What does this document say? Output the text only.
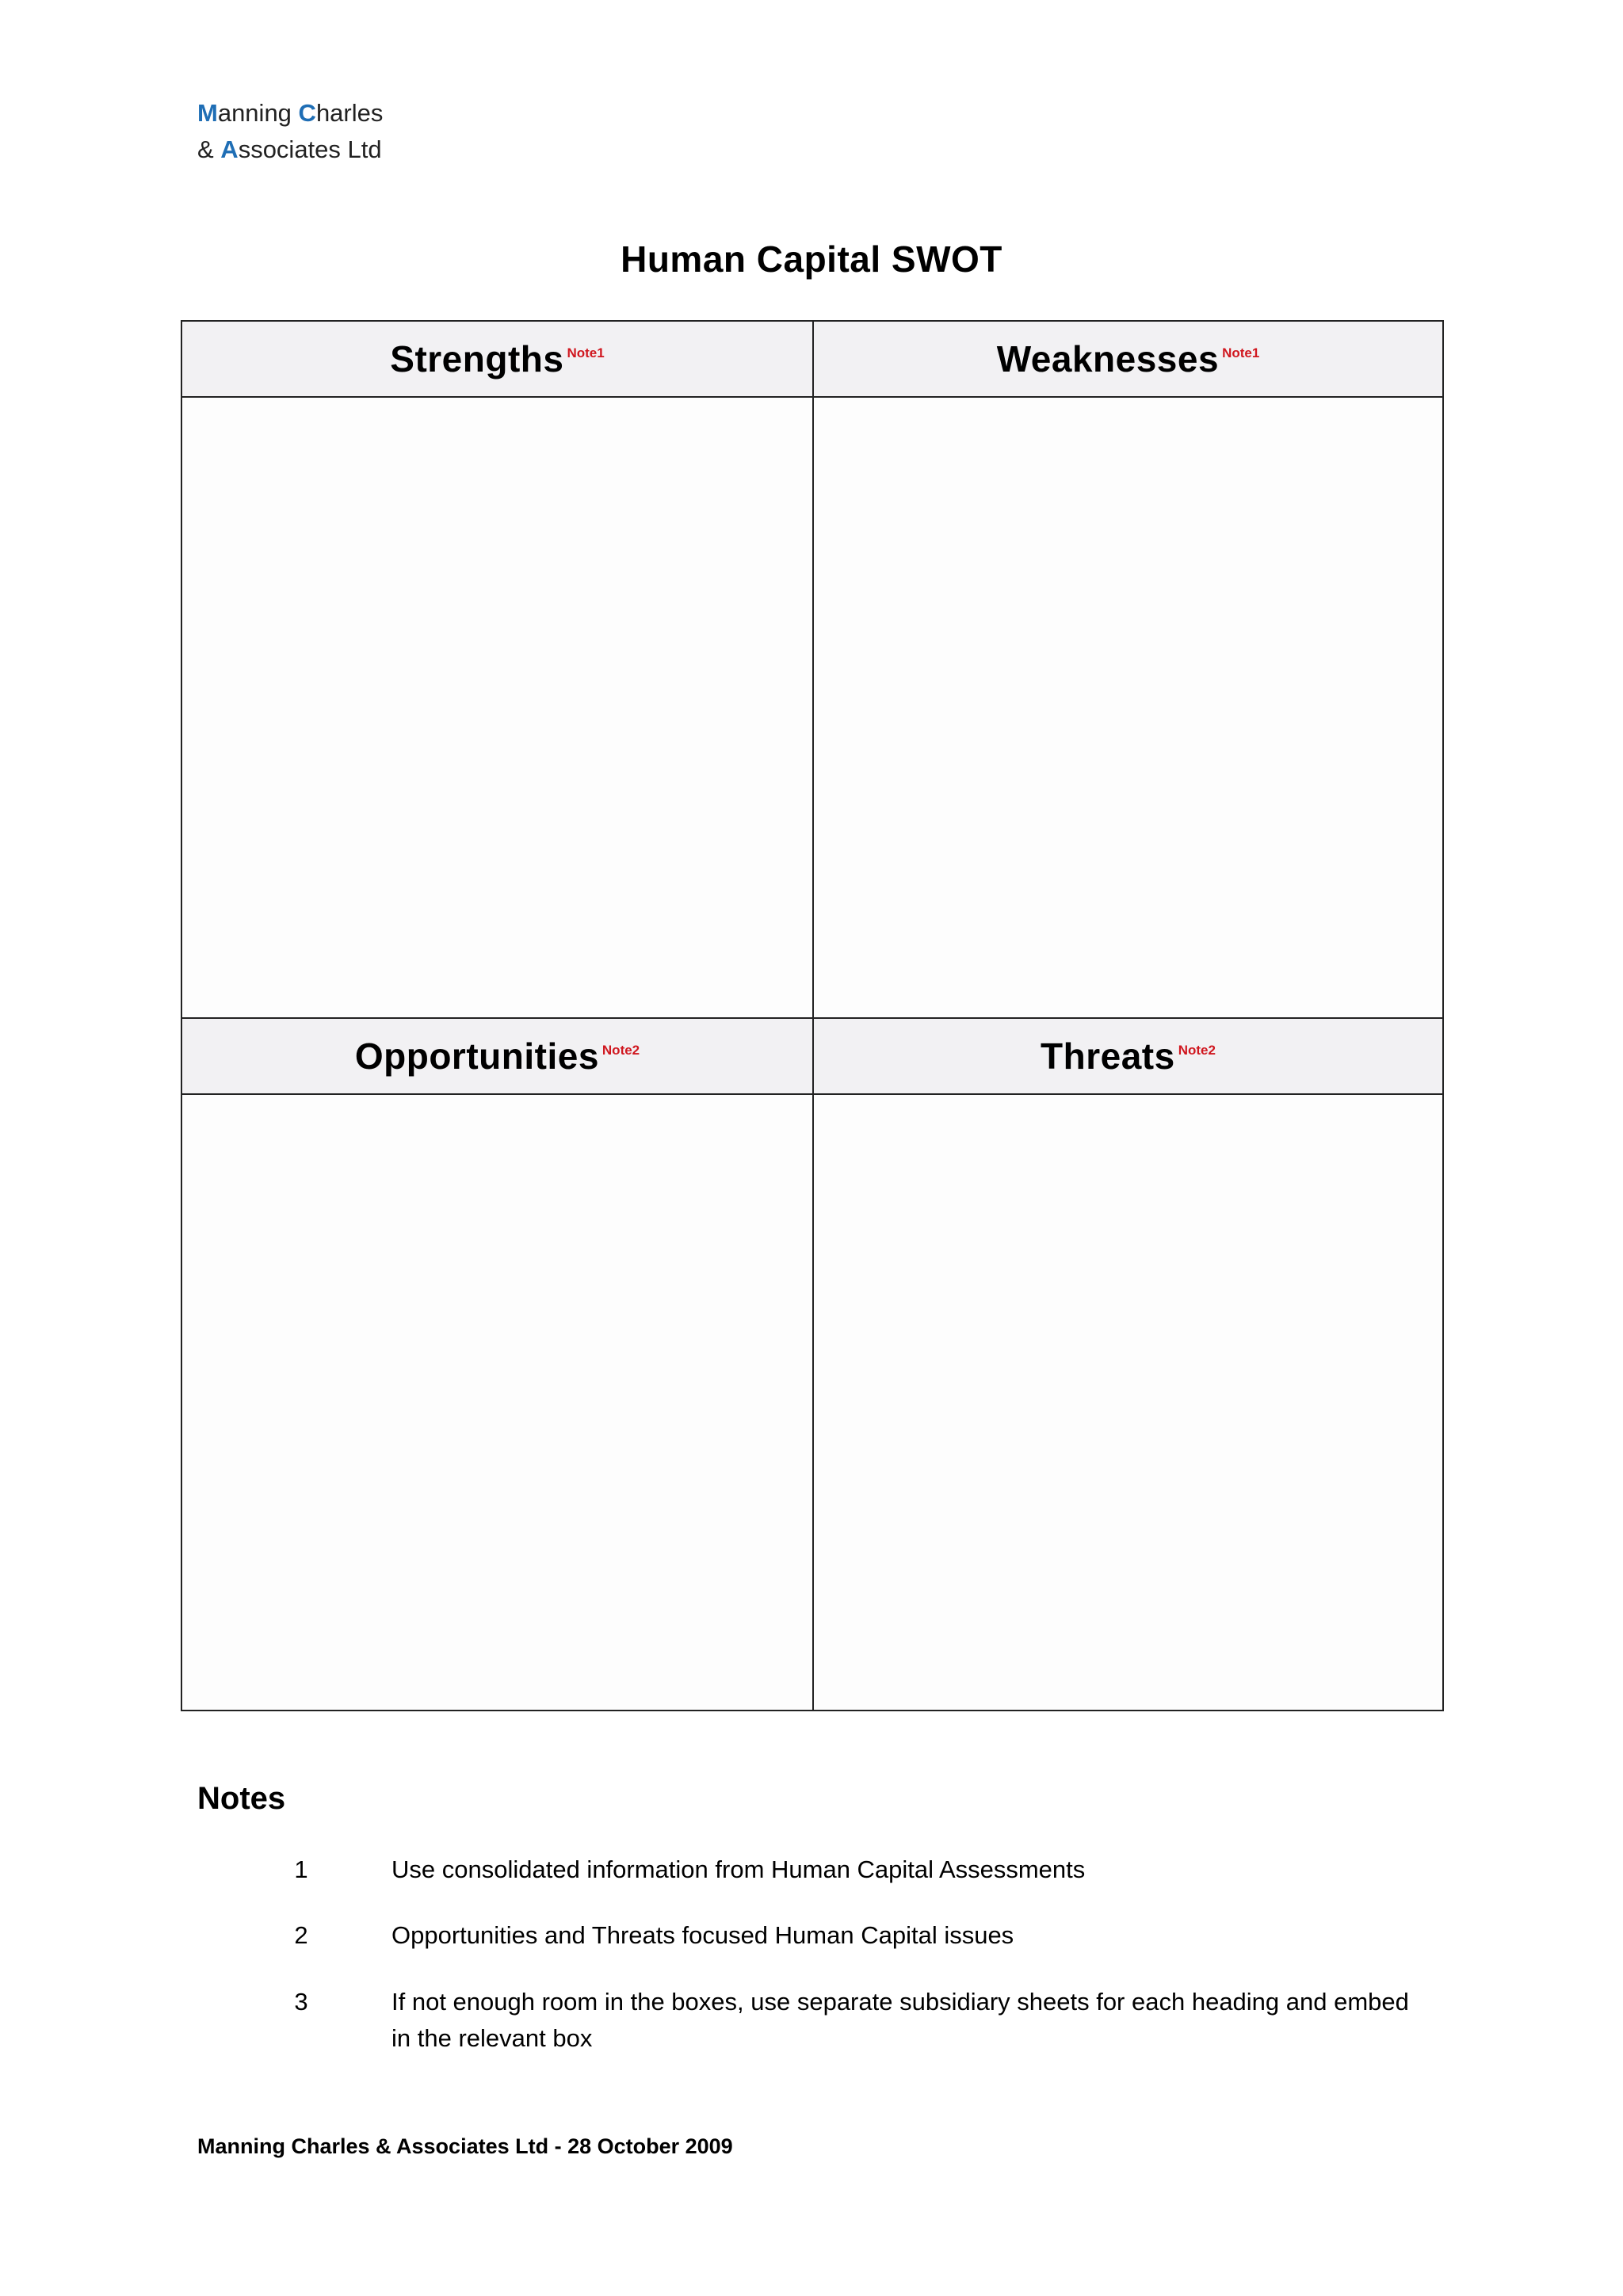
Manning Charles
& Associates Ltd
Human Capital SWOT
Strengths Note1	Weaknesses Note1
Opportunities Note2	Threats Note2
Notes
1	Use consolidated information from Human Capital Assessments
2	Opportunities and Threats focused Human Capital issues
3	If not enough room in the boxes, use separate subsidiary sheets for each heading and embed in the relevant box
Manning Charles & Associates Ltd - 28 October 2009
